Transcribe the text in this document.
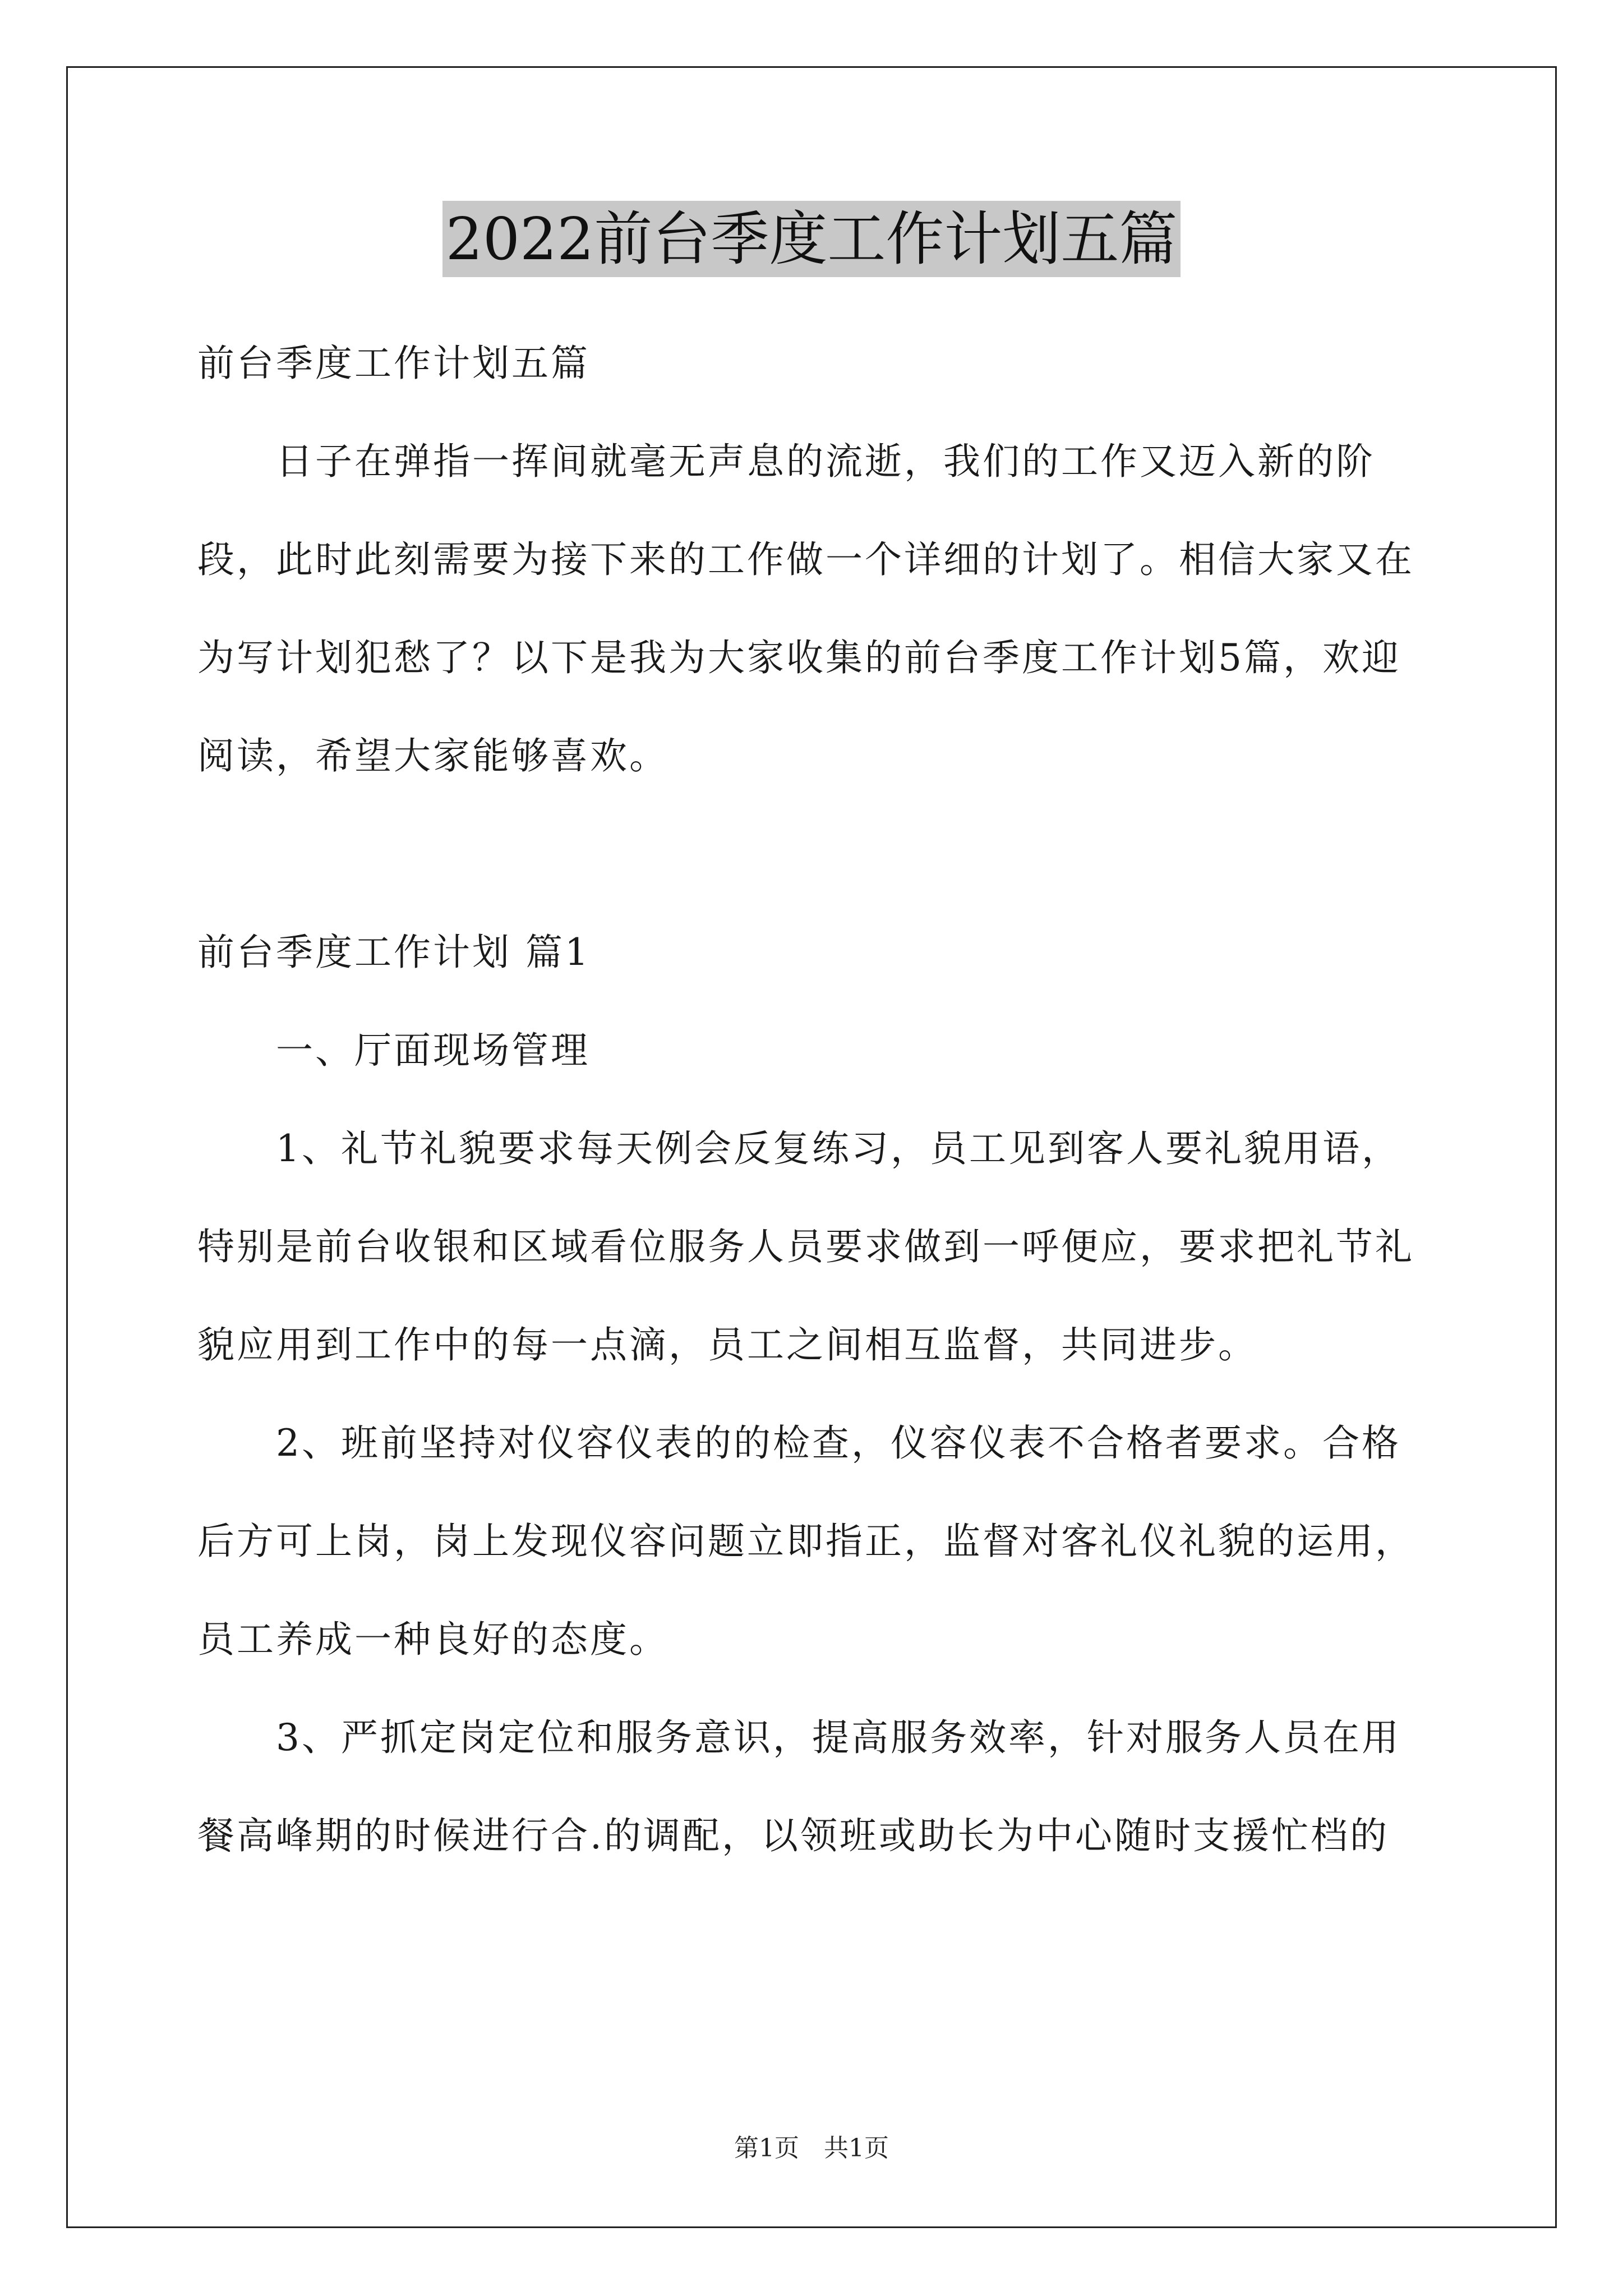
2022前台季度工作计划五篇

前台季度工作计划五篇

日子在弹指一挥间就毫无声息的流逝，我们的工作又迈入新的阶段，此时此刻需要为接下来的工作做一个详细的计划了。相信大家又在为写计划犯愁了？以下是我为大家收集的前台季度工作计划5篇，欢迎阅读，希望大家能够喜欢。

前台季度工作计划 篇1

一、厅面现场管理

1、礼节礼貌要求每天例会反复练习，员工见到客人要礼貌用语，特别是前台收银和区域看位服务人员要求做到一呼便应，要求把礼节礼貌应用到工作中的每一点滴，员工之间相互监督，共同进步。

2、班前坚持对仪容仪表的的检查，仪容仪表不合格者要求。合格后方可上岗，岗上发现仪容问题立即指正，监督对客礼仪礼貌的运用，员工养成一种良好的态度。

3、严抓定岗定位和服务意识，提高服务效率，针对服务人员在用餐高峰期的时候进行合.的调配，以领班或助长为中心随时支援忙档的

第1页　共1页
